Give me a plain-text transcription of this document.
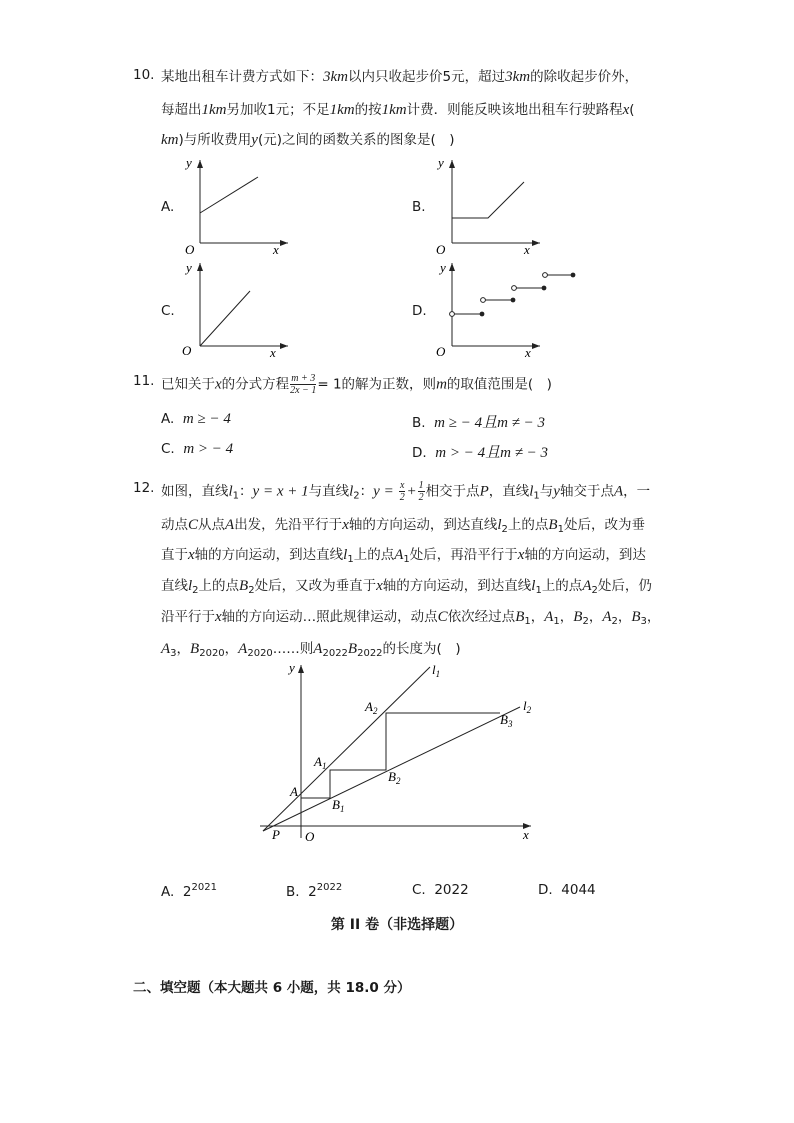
10. 某地出租车计费方式如下：3km以内只收起步价5元，超过3km的除收起步价外，
每超出1km另加收1元；不足1km的按1km计费．则能反映该地出租车行驶路程x(
km)与所收费用y(元)之间的函数关系的图象是(　)
A.
y
x
O
B.
y
x
O
C.
y
x
O
D.
y
x
O
11. 已知关于x的分式方程 $\frac{m + 3}{2x - 1} = 1$的解为正数，则m的取值范围是(　)
A. m ≥ − 4	B. m ≥ − 4且m ≠ − 3
C. m > − 4	D. m > − 4且m ≠ − 3
12. 如图，直线$l_1$：y = x + 1与直线$l_2$：$y = \frac{x}{2} + \frac{1}{2}$ 相交于点P，直线$l_1$与y轴交于点A，一
动点C从点A出发，先沿平行于x轴的方向运动，到达直线$l_2$上的点$B_1$处后，改为垂
直于x轴的方向运动，到达直线$l_1$上的点$A_1$处后，再沿平行于x轴的方向运动，到达
直线$l_2$上的点$B_2$处后，又改为垂直于x轴的方向运动，到达直线$l_1$上的点$A_2$处后，仍
沿平行于x轴的方向运动…照此规律运动，动点C依次经过点$B_1$，$A_1$，$B_2$，$A_2$，$B_3$，
$A_3$，$B_{2020}$，$A_{2020}\dots\dots$则$A_{2022}B_{2022}$的长度为(　)
y
x
O
P
A
$l_1$
$l_2$
$A_1$
$A_2$
$B_1$
$B_2$
$B_3$
A. $2^{2021}$	B. $2^{2022}$	C. 2022	D. 4044
第 II 卷（非选择题）
二、填空题（本大题共 6 小题，共 18.0 分）
